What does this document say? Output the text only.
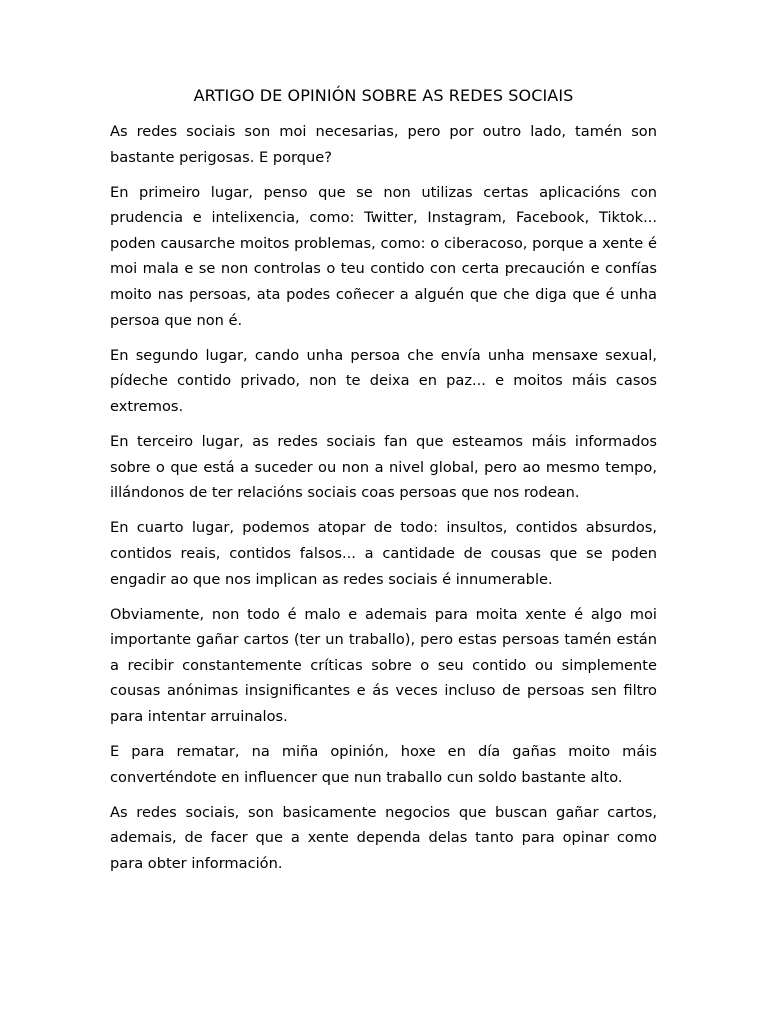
ARTIGO DE OPINIÓN SOBRE AS REDES SOCIAIS

As redes sociais son moi necesarias, pero por outro lado, tamén son bastante perigosas. E porque?

En primeiro lugar, penso que se non utilizas certas aplicacións con prudencia e intelixencia, como: Twitter, Instagram, Facebook, Tiktok... poden causarche moitos problemas, como: o ciberacoso, porque a xente é moi mala e se non controlas o teu contido con certa precaución e confías moito nas persoas, ata podes coñecer a alguén que che diga que é unha persoa que non é.

En segundo lugar, cando unha persoa che envía unha mensaxe sexual, pídeche contido privado, non te deixa en paz... e moitos máis casos extremos.

En terceiro lugar, as redes sociais fan que esteamos máis informados sobre o que está a suceder ou non a nivel global, pero ao mesmo tempo, illándonos de ter relacións sociais coas persoas que nos rodean.

En cuarto lugar, podemos atopar de todo: insultos, contidos absurdos, contidos reais, contidos falsos... a cantidade de cousas que se poden engadir ao que nos implican as redes sociais é innumerable.

Obviamente, non todo é malo e ademais para moita xente é algo moi importante gañar cartos (ter un traballo), pero estas persoas tamén están a recibir constantemente críticas sobre o seu contido ou simplemente cousas anónimas insignificantes e ás veces incluso de persoas sen filtro para intentar arruinalos.

E para rematar, na miña opinión, hoxe en día gañas moito máis converténdote en influencer que nun traballo cun soldo bastante alto.

As redes sociais, son basicamente negocios que buscan gañar cartos, ademais, de facer que a xente dependa delas tanto para opinar como para obter información.
